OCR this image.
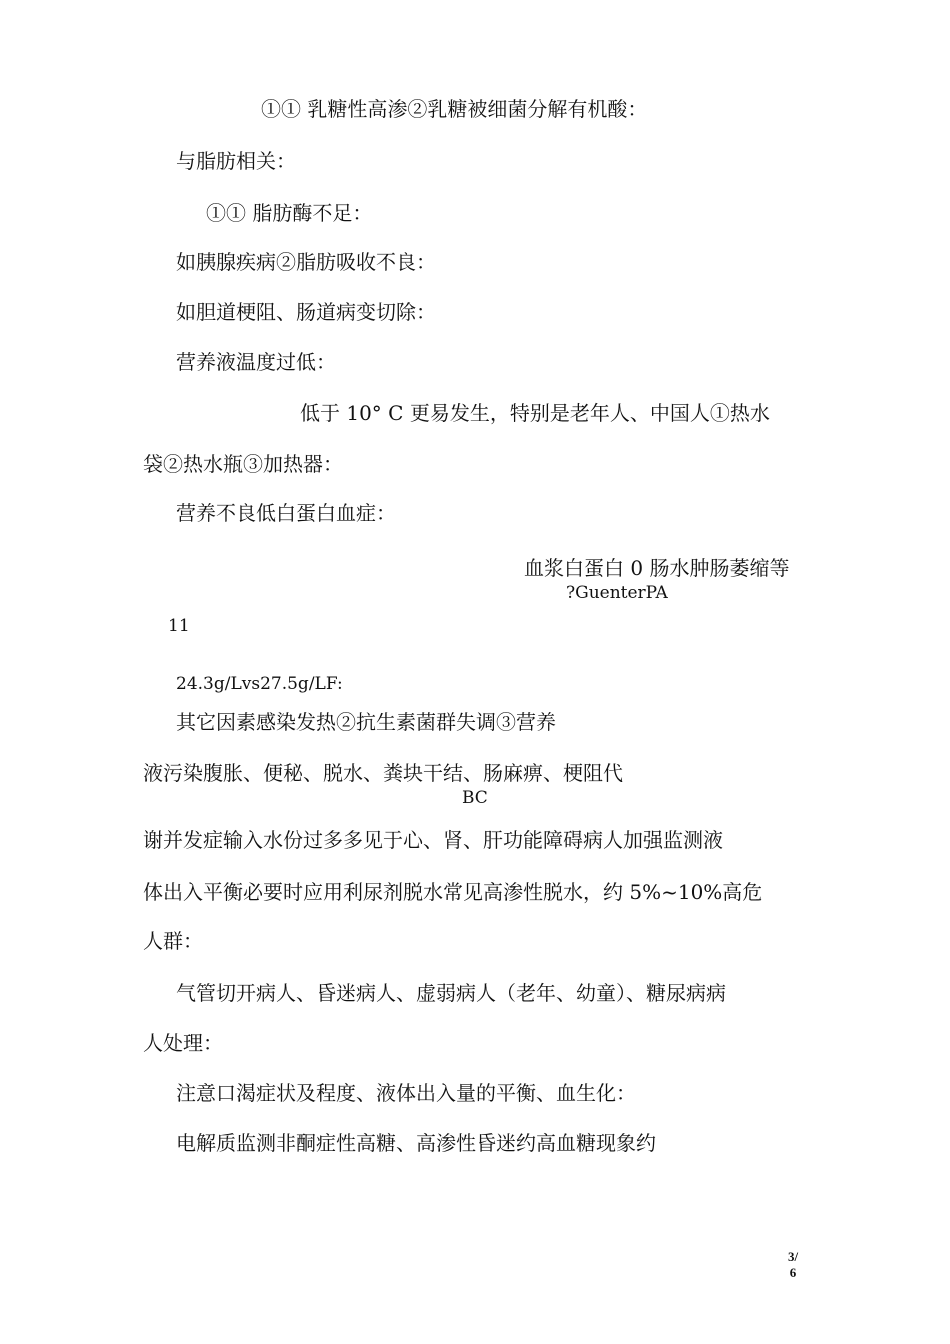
①① 乳糖性高渗②乳糖被细菌分解有机酸：
与脂肪相关：
①① 脂肪酶不足：
如胰腺疾病②脂肪吸收不良：
如胆道梗阻、肠道病变切除：
营养液温度过低：
低于 10° C 更易发生，特别是老年人、中国人①热水
袋②热水瓶③加热器：
营养不良低白蛋白血症：
血浆白蛋白 0 肠水肿肠萎缩等
?GuenterPA
11
24.3g/Lvs27.5g/LF:
其它因素感染发热②抗生素菌群失调③营养
液污染腹胀、便秘、脱水、粪块干结、肠麻痹、梗阻代
BC
谢并发症输入水份过多多见于心、肾、肝功能障碍病人加强监测液
体出入平衡必要时应用利尿剂脱水常见高渗性脱水，约 5%~10%高危
人群：
气管切开病人、昏迷病人、虚弱病人（老年、幼童）、糖尿病病
人处理：
注意口渴症状及程度、液体出入量的平衡、血生化：
电解质监测非酮症性高糖、高渗性昏迷约高血糖现象约
3/
6
